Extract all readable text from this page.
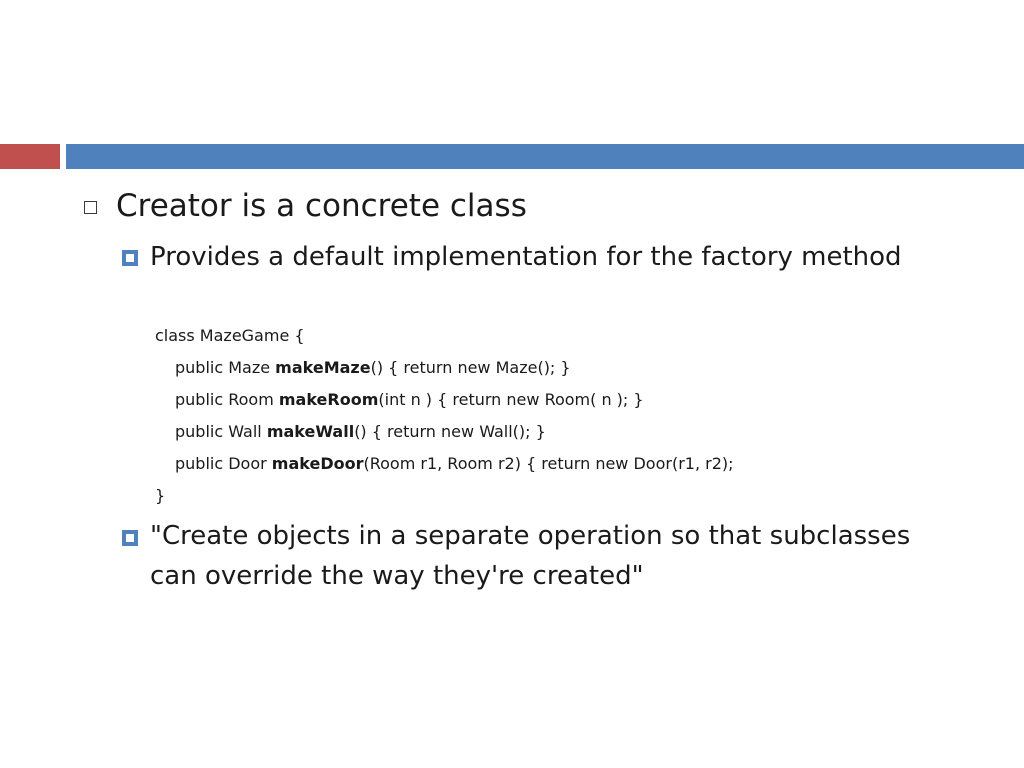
Creator is a concrete class
Provides a default implementation for the factory method
class MazeGame {
public Maze makeMaze() { return new Maze(); }
public Room makeRoom(int n ) { return new Room( n ); }
public Wall makeWall() { return new Wall(); }
public Door makeDoor(Room r1, Room r2) { return new Door(r1, r2);
}
"Create objects in a separate operation so that subclasses can override the way they're created"
